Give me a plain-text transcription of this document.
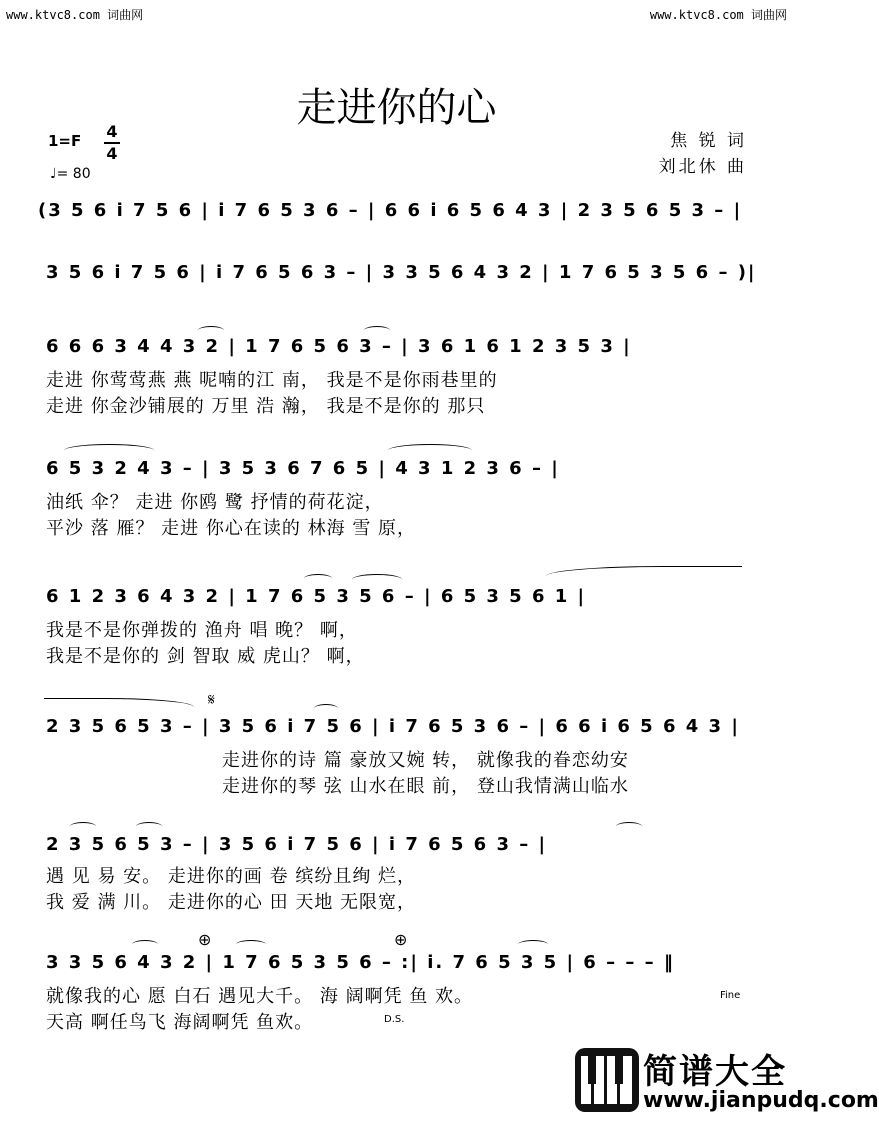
www.ktvc8.com 词曲网	www.ktvc8.com 词曲网
走进你的心
1=F 4
4
♩= 80
焦 锐 词
刘北休 曲
(3 5 6 i 7 5 6 | i 7 6 5 3 6 – | 6 6 i 6 5 6 4 3 | 2 3 5 6 5 3 – |
3 5 6 i 7 5 6 | i 7 6 5 6 3 – | 3 3 5 6 4 3 2 | 1 7 6 5 3 5 6 – )|
6 6 6 3 4 4 3 2 | 1 7 6 5 6 3 – | 3 6 1 6 1 2 3 5 3 |
走进 你莺莺燕 燕 呢喃的江 南， 我是不是你雨巷里的
走进 你金沙铺展的 万里 浩 瀚， 我是不是你的 那只
6 5 3 2 4 3 – | 3 5 3 6 7 6 5 | 4 3 1 2 3 6 – |
油纸 伞？ 走进 你鸥 鹭 抒情的荷花淀，
平沙 落 雁？ 走进 你心在读的 林海 雪 原，
6 1 2 3 6 4 3 2 | 1 7 6 5 3 5 6 – | 6 5 3 5 6 1 |
我是不是你弹拨的 渔舟 唱 晚？ 啊，
我是不是你的 剑 智取 威 虎山？ 啊，
𝄋
2 3 5 6 5 3 – | 3 5 6 i 7 5 6 | i 7 6 5 3 6 – | 6 6 i 6 5 6 4 3 |
走进你的诗 篇 豪放又婉 转， 就像我的眷恋幼安
走进你的琴 弦 山水在眼 前， 登山我情满山临水
2 3 5 6 5 3 – | 3 5 6 i 7 5 6 | i 7 6 5 6 3 – |
遇 见 易 安。 走进你的画 卷 缤纷且绚 烂，
我 爱 满 川。 走进你的心 田 天地 无限宽，
⊕	⊕
3 3 5 6 4 3 2 | 1 7 6 5 3 5 6 – :| i. 7 6 5 3 5 | 6 – – – ‖
就像我的心 愿 白石 遇见大千。 海 阔啊凭 鱼 欢。
天高 啊任鸟飞 海阔啊凭 鱼欢。
Fine
D.S.
简谱大全
www.jianpudq.com
